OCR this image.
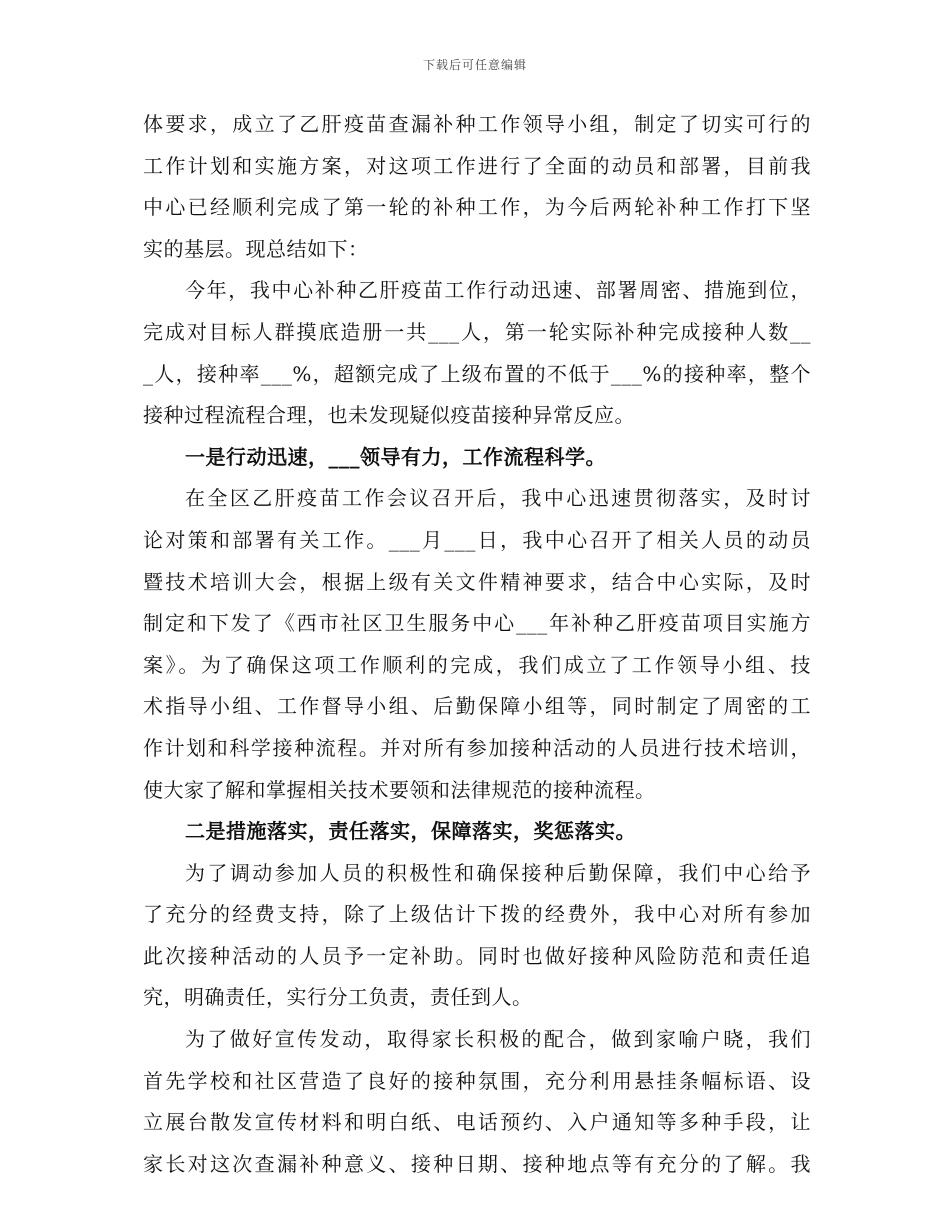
下载后可任意编辑
体要求，成立了乙肝疫苗查漏补种工作领导小组，制定了切实可行的
工作计划和实施方案，对这项工作进行了全面的动员和部署，目前我
中心已经顺利完成了第一轮的补种工作，为今后两轮补种工作打下坚
实的基层。现总结如下：
今年，我中心补种乙肝疫苗工作行动迅速、部署周密、措施到位，
完成对目标人群摸底造册一共___人，第一轮实际补种完成接种人数__
_人，接种率___%，超额完成了上级布置的不低于___%的接种率，整个
接种过程流程合理，也未发现疑似疫苗接种异常反应。
一是行动迅速，___领导有力，工作流程科学。
在全区乙肝疫苗工作会议召开后，我中心迅速贯彻落实，及时讨
论对策和部署有关工作。___月___日，我中心召开了相关人员的动员
暨技术培训大会，根据上级有关文件精神要求，结合中心实际，及时
制定和下发了《西市社区卫生服务中心___年补种乙肝疫苗项目实施方
案》。为了确保这项工作顺利的完成，我们成立了工作领导小组、技
术指导小组、工作督导小组、后勤保障小组等，同时制定了周密的工
作计划和科学接种流程。并对所有参加接种活动的人员进行技术培训，
使大家了解和掌握相关技术要领和法律规范的接种流程。
二是措施落实，责任落实，保障落实，奖惩落实。
为了调动参加人员的积极性和确保接种后勤保障，我们中心给予
了充分的经费支持，除了上级估计下拨的经费外，我中心对所有参加
此次接种活动的人员予一定补助。同时也做好接种风险防范和责任追
究，明确责任，实行分工负责，责任到人。
为了做好宣传发动，取得家长积极的配合，做到家喻户晓，我们
首先学校和社区营造了良好的接种氛围，充分利用悬挂条幅标语、设
立展台散发宣传材料和明白纸、电话预约、入户通知等多种手段，让
家长对这次查漏补种意义、接种日期、接种地点等有充分的了解。我
